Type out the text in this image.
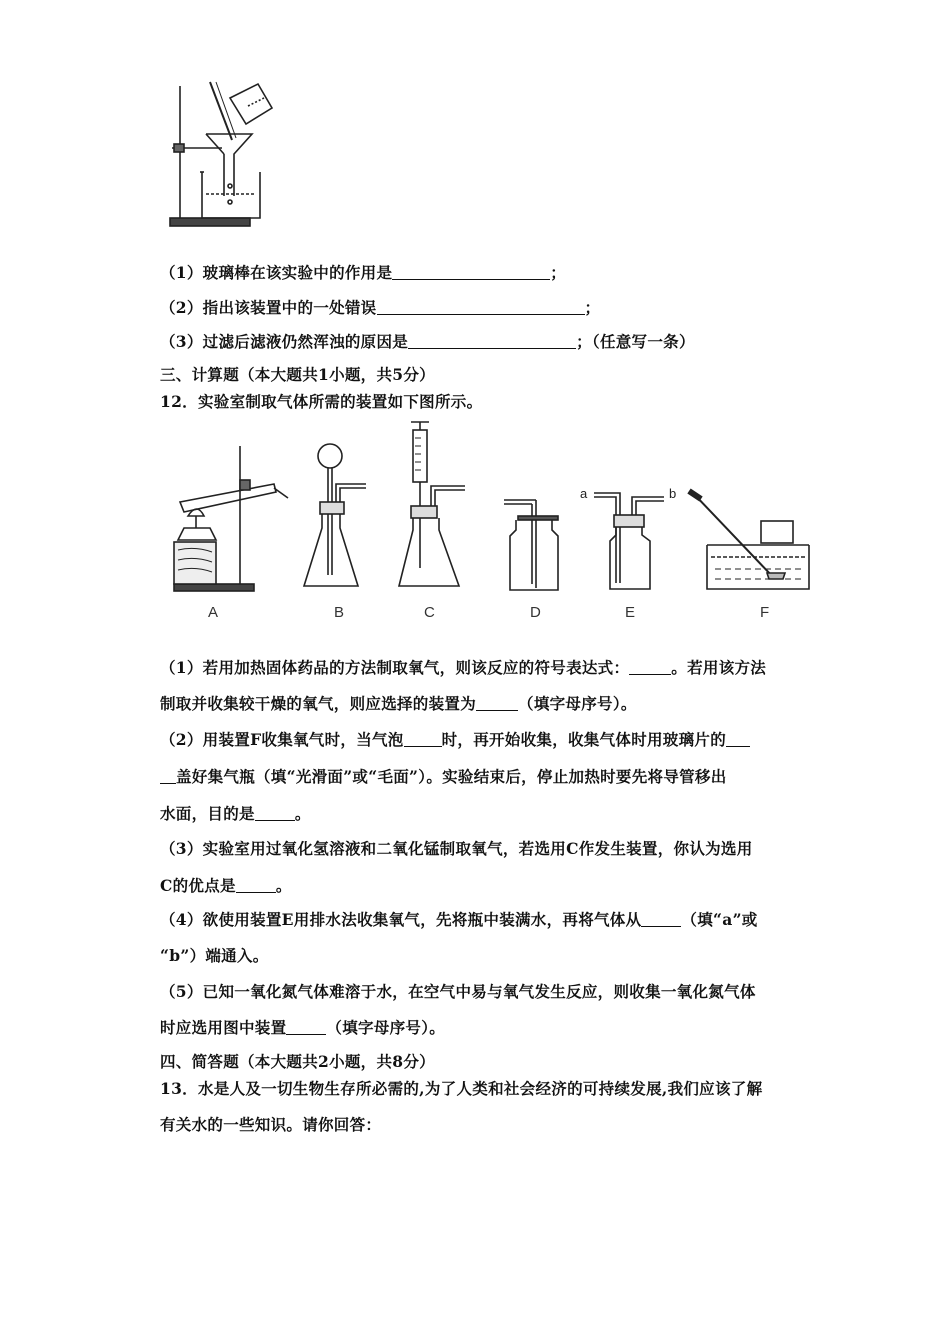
（1）玻璃棒在该实验中的作用是	；
（2）指出该装置中的一处错误	；
（3）过滤后滤液仍然浑浊的原因是	；（任意写一条）
三、计算题（本大题共1小题，共5分）
12．实验室制取气体所需的装置如下图所示。
a	b
A	B	C	D	E	F
（1）若用加热固体药品的方法制取氧气，则该反应的符号表达式：	。若用该方法
制取并收集较干燥的氧气，则应选择的装置为	（填字母序号）。
（2）用装置F收集氧气时，当气泡 时，再开始收集，收集气体时用玻璃片的
盖好集气瓶（填“光滑面”或“毛面”）。实验结束后，停止加热时要先将导管移出
水面，目的是	。
（3）实验室用过氧化氢溶液和二氧化锰制取氧气，若选用C作发生装置，你认为选用
C的优点是	。
（4）欲使用装置E用排水法收集氧气，先将瓶中装满水，再将气体从	（填“a”或
“b”）端通入。
（5）已知一氧化氮气体难溶于水，在空气中易与氧气发生反应，则收集一氧化氮气体
时应选用图中装置	（填字母序号）。
四、简答题（本大题共2小题，共8分）
13．水是人及一切生物生存所必需的,为了人类和社会经济的可持续发展,我们应该了解
有关水的一些知识。请你回答：
